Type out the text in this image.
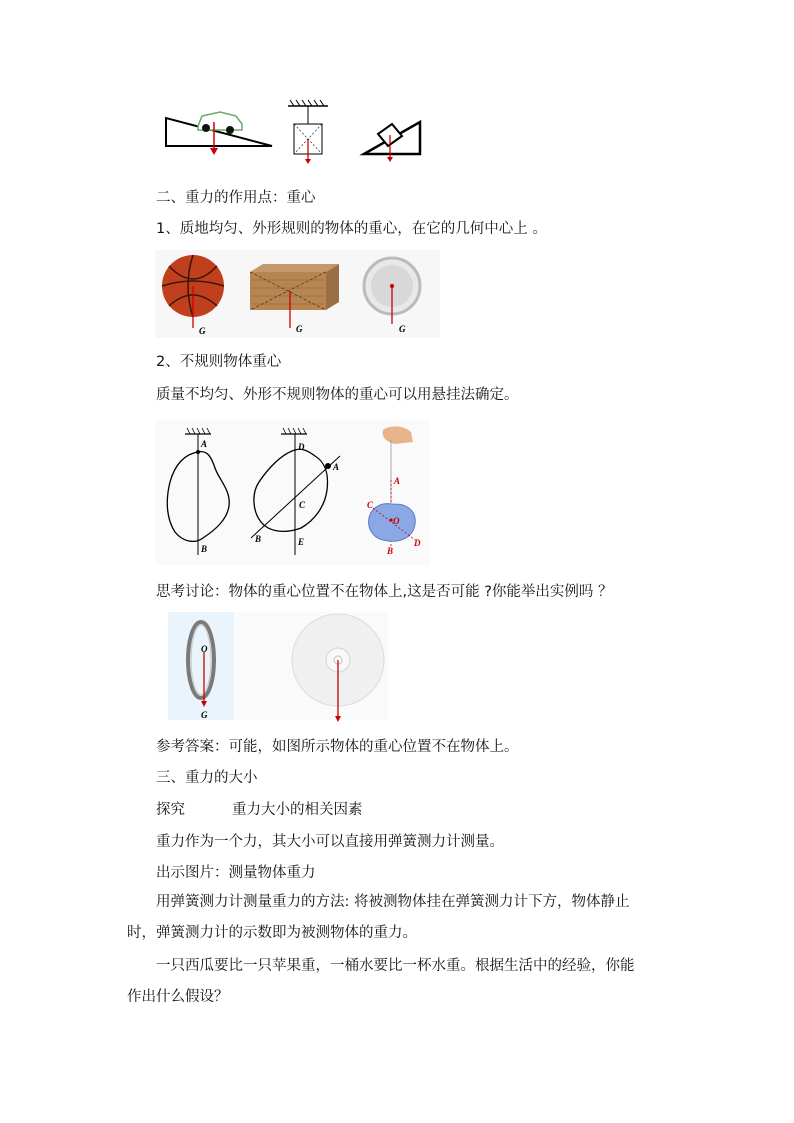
二、重力的作用点：重心
1、质地均匀、外形规则的物体的重心，在它的几何中心上 。
G	G	G
2、不规则物体重心
质量不均匀、外形不规则物体的重心可以用悬挂法确定。
A
B
D
A
C
B	E
A
C
O
B
D
思考讨论：物体的重心位置不在物体上,这是否可能 ?你能举出实例吗 ？
O
G
参考答案：可能，如图所示物体的重心位置不在物体上。
三、重力的大小
探究	重力大小的相关因素
重力作为一个力，其大小可以直接用弹簧测力计测量。
出示图片：测量物体重力
用弹簧测力计测量重力的方法: 将被测物体挂在弹簧测力计下方，物体静止时，弹簧测力计的示数即为被测物体的重力。
一只西瓜要比一只苹果重，一桶水要比一杯水重。根据生活中的经验，你能作出什么假设？
